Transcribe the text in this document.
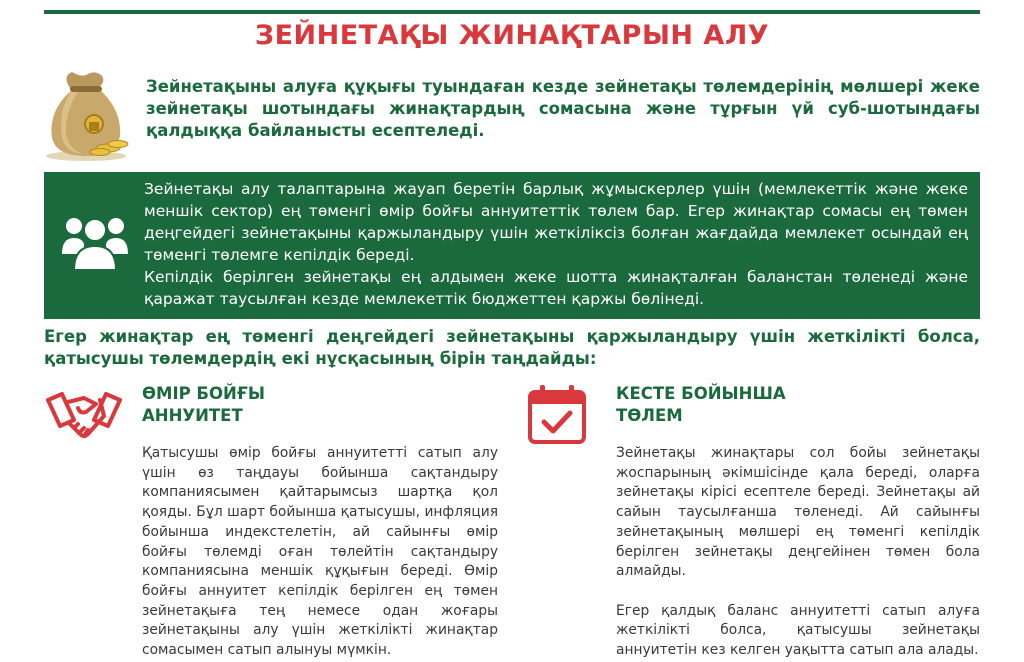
ЗЕЙНЕТАҚЫ ЖИНАҚТАРЫН АЛУ
Зейнетақыны алуға құқығы туындаған кезде зейнетақы төлемдерінің мөлшері жеке зейнетақы шотындағы жинақтардың сомасына және тұрғын үй суб-шотындағы қалдыққа байланысты есептеледі.

Зейнетақы алу талаптарына жауап беретін барлық жұмыскерлер үшін (мемлекеттік және жеке меншік сектор) ең төменгі өмір бойғы аннуитеттік төлем бар. Егер жинақтар сомасы ең төмен деңгейдегі зейнетақыны қаржыландыру үшін жеткіліксіз болған жағдайда мемлекет осындай ең төменгі төлемге кепілдік береді.

Кепілдік берілген зейнетақы ең алдымен жеке шотта жинақталған баланстан төленеді және қаражат таусылған кезде мемлекеттік бюджеттен қаржы бөлінеді.

Егер жинақтар ең төменгі деңгейдегі зейнетақыны қаржыландыру үшін жеткілікті болса, қатысушы төлемдердің екі нұсқасының бірін таңдайды:
ӨМІР БОЙҒЫ
АННУИТЕТ
Қатысушы өмір бойғы аннуитетті сатып алу үшін өз таңдауы бойынша сақтандыру компаниясымен қайтарымсыз шартқа қол қояды. Бұл шарт бойынша қатысушы, инфляция бойынша индекстелетін, ай сайынғы өмір бойғы төлемді оған төлейтін сақтандыру компаниясына меншік құқығын береді. Өмір бойғы аннуитет кепілдік берілген ең төмен зейнетақыға тең немесе одан жоғары зейнетақыны алу үшін жеткілікті жинақтар сомасымен сатып алынуы мүмкін.
КЕСТЕ БОЙЫНША
ТӨЛЕМ

Зейнетақы жинақтары сол бойы зейнетақы жоспарының әкімшісінде қала береді, оларға зейнетақы кірісі есептеле береді. Зейнетақы ай сайын таусылғанша төленеді. Ай сайынғы зейнетақының мөлшері ең төменгі кепілдік берілген зейнетақы деңгейінен төмен бола алмайды.

Егер қалдық баланс аннуитетті сатып алуға жеткілікті болса, қатысушы зейнетақы аннуитетін кез келген уақытта сатып ала алады.
